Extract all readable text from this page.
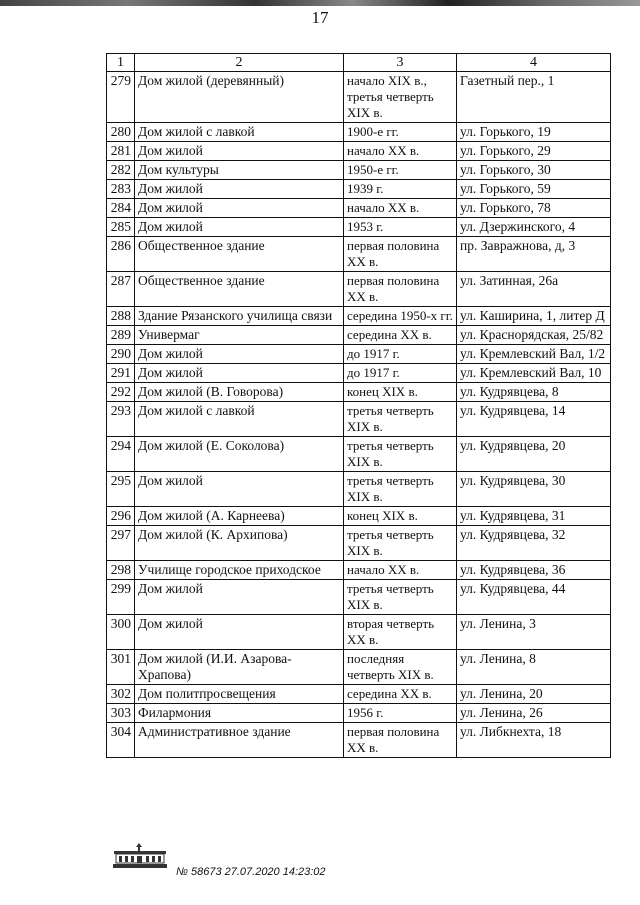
17
1	2	3	4
279	Дом жилой (деревянный)	начало XIX в., третья четверть XIX в.	Газетный пер., 1
280	Дом жилой с лавкой	1900-е гг.	ул. Горького, 19
281	Дом жилой	начало XX в.	ул. Горького, 29
282	Дом культуры	1950-е гг.	ул. Горького, 30
283	Дом жилой	1939 г.	ул. Горького, 59
284	Дом жилой	начало XX в.	ул. Горького, 78
285	Дом жилой	1953 г.	ул. Дзержинского, 4
286	Общественное здание	первая половина XX в.	пр. Завражнова, д, 3
287	Общественное здание	первая половина XX в.	ул. Затинная, 26а
288	Здание Рязанского училища связи	середина 1950-х гг.	ул. Каширина, 1, литер Д
289	Универмаг	середина XX в.	ул. Краснорядская, 25/82
290	Дом жилой	до 1917 г.	ул. Кремлевский Вал, 1/2
291	Дом жилой	до 1917 г.	ул. Кремлевский Вал, 10
292	Дом жилой (В. Говорова)	конец XIX в.	ул. Кудрявцева, 8
293	Дом жилой с лавкой	третья четверть XIX в.	ул. Кудрявцева, 14
294	Дом жилой (Е. Соколова)	третья четверть XIX в.	ул. Кудрявцева, 20
295	Дом жилой	третья четверть XIX в.	ул. Кудрявцева, 30
296	Дом жилой (А. Карнеева)	конец XIX в.	ул. Кудрявцева, 31
297	Дом жилой (К. Архипова)	третья четверть XIX в.	ул. Кудрявцева, 32
298	Училище городское приходское	начало XX в.	ул. Кудрявцева, 36
299	Дом жилой	третья четверть XIX в.	ул. Кудрявцева, 44
300	Дом жилой	вторая четверть XX в.	ул. Ленина, 3
301	Дом жилой (И.И. Азарова-Храпова)	последняя четверть XIX в.	ул. Ленина, 8
302	Дом политпросвещения	середина XX в.	ул. Ленина, 20
303	Филармония	1956 г.	ул. Ленина, 26
304	Административное здание	первая половина XX в.	ул. Либкнехта, 18
№ 58673 27.07.2020 14:23:02
